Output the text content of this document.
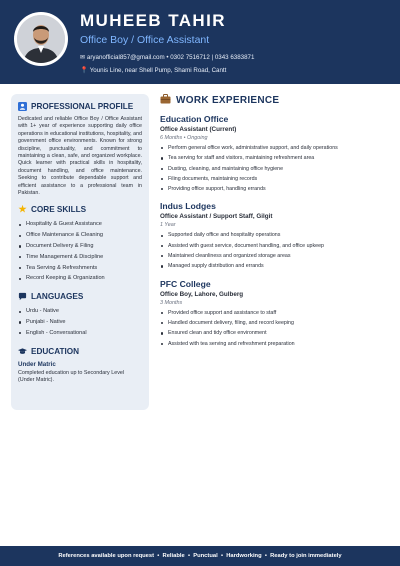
MUHEEB TAHIR
Office Boy / Office Assistant
✉ aryanofficial857@gmail.com • 0302 7516712 | 0343 6383871
📍 Younis Line, near Shell Pump, Shami Road, Cantt
PROFESSIONAL PROFILE
Dedicated and reliable Office Boy / Office Assistant with 1+ year of experience supporting daily office operations in educational institutions, hospitality, and government office environments. Known for strong discipline, punctuality, and commitment to maintaining a clean, safe, and organized workplace. Quick learner with practical skills in hospitality, document handling, and office maintenance. Seeking to contribute dependable support and efficient assistance to a professional team in Pakistan.
★ CORE SKILLS
Hospitality & Guest Assistance
Office Maintenance & Cleaning
Document Delivery & Filing
Time Management & Discipline
Tea Serving & Refreshments
Record Keeping & Organization
LANGUAGES
Urdu - Native
Punjabi - Native
English - Conversational
EDUCATION
Under Matric
Completed education up to Secondary Level (Under Matric).
WORK EXPERIENCE
Education Office
Office Assistant (Current)
6 Months • Ongoing
Perform general office work, administrative support, and daily operations
Tea serving for staff and visitors, maintaining refreshment area
Dusting, cleaning, and maintaining office hygiene
Filing documents, maintaining records
Providing office support, handling errands
Indus Lodges
Office Assistant / Support Staff, Gilgit
1 Year
Supported daily office and hospitality operations
Assisted with guest service, document handling, and office upkeep
Maintained cleanliness and organized storage areas
Managed supply distribution and errands
PFC College
Office Boy, Lahore, Gulberg
3 Months
Provided office support and assistance to staff
Handled document delivery, filing, and record keeping
Ensured clean and tidy office environment
Assisted with tea serving and refreshment preparation
References available upon request • Reliable • Punctual • Hardworking • Ready to join immediately
